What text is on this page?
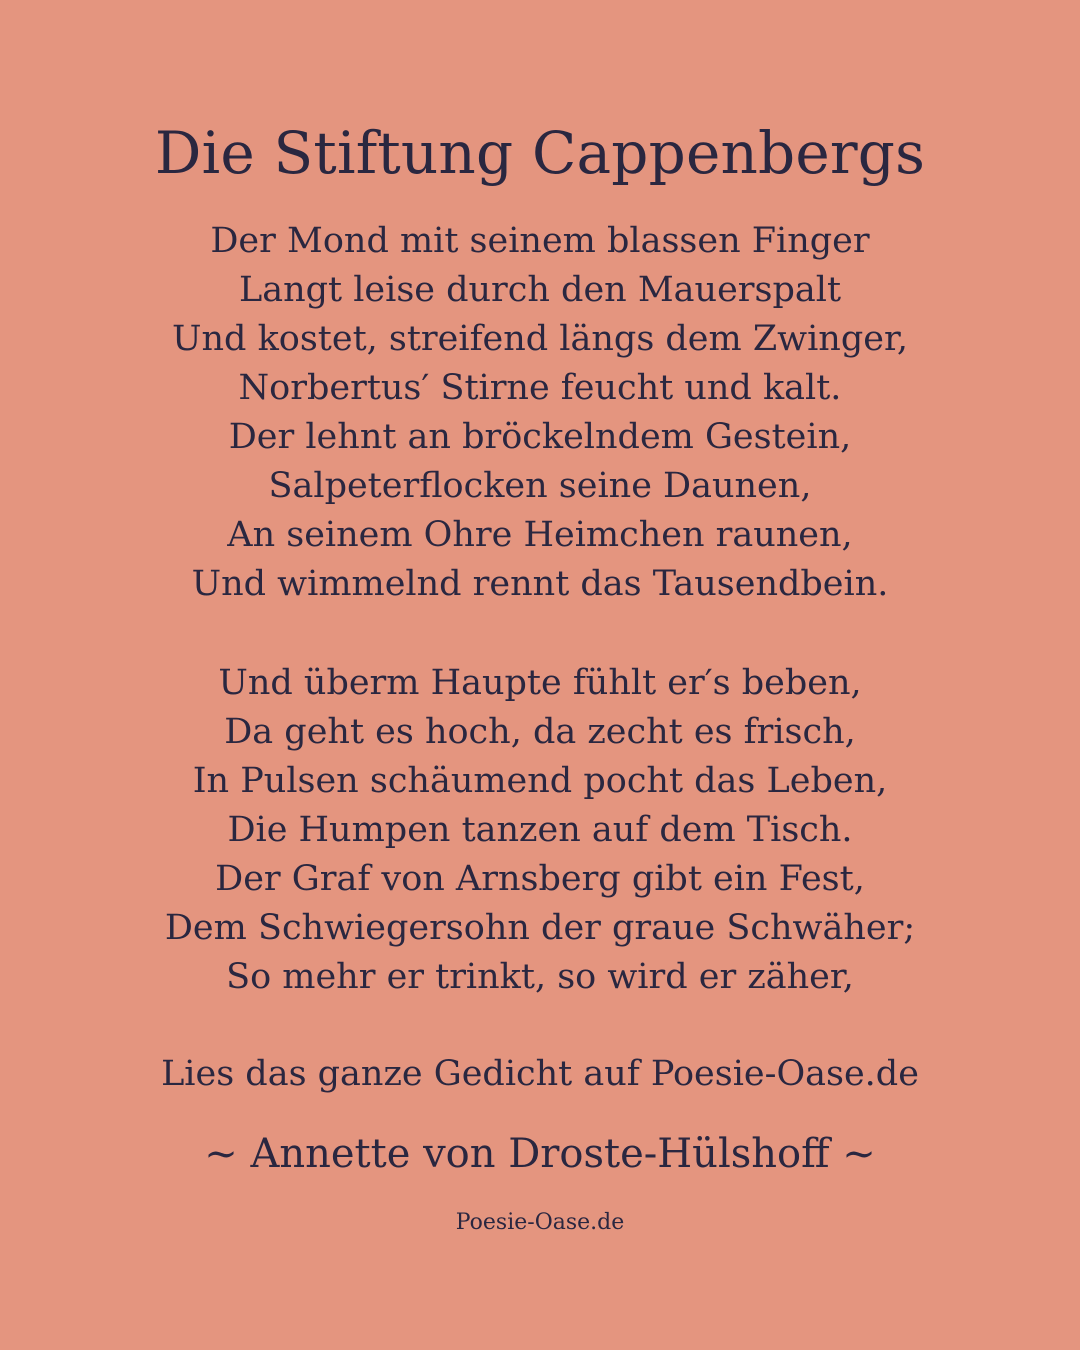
Die Stiftung Cappenbergs
Der Mond mit seinem blassen Finger
Langt leise durch den Mauerspalt
Und kostet, streifend längs dem Zwinger,
Norbertus′ Stirne feucht und kalt.
Der lehnt an bröckelndem Gestein,
Salpeterflocken seine Daunen,
An seinem Ohre Heimchen raunen,
Und wimmelnd rennt das Tausendbein.
Und überm Haupte fühlt er′s beben,
Da geht es hoch, da zecht es frisch,
In Pulsen schäumend pocht das Leben,
Die Humpen tanzen auf dem Tisch.
Der Graf von Arnsberg gibt ein Fest,
Dem Schwiegersohn der graue Schwäher;
So mehr er trinkt, so wird er zäher,

Lies das ganze Gedicht auf Poesie-Oase.de

~ Annette von Droste-Hülshoff ~

Poesie-Oase.de
